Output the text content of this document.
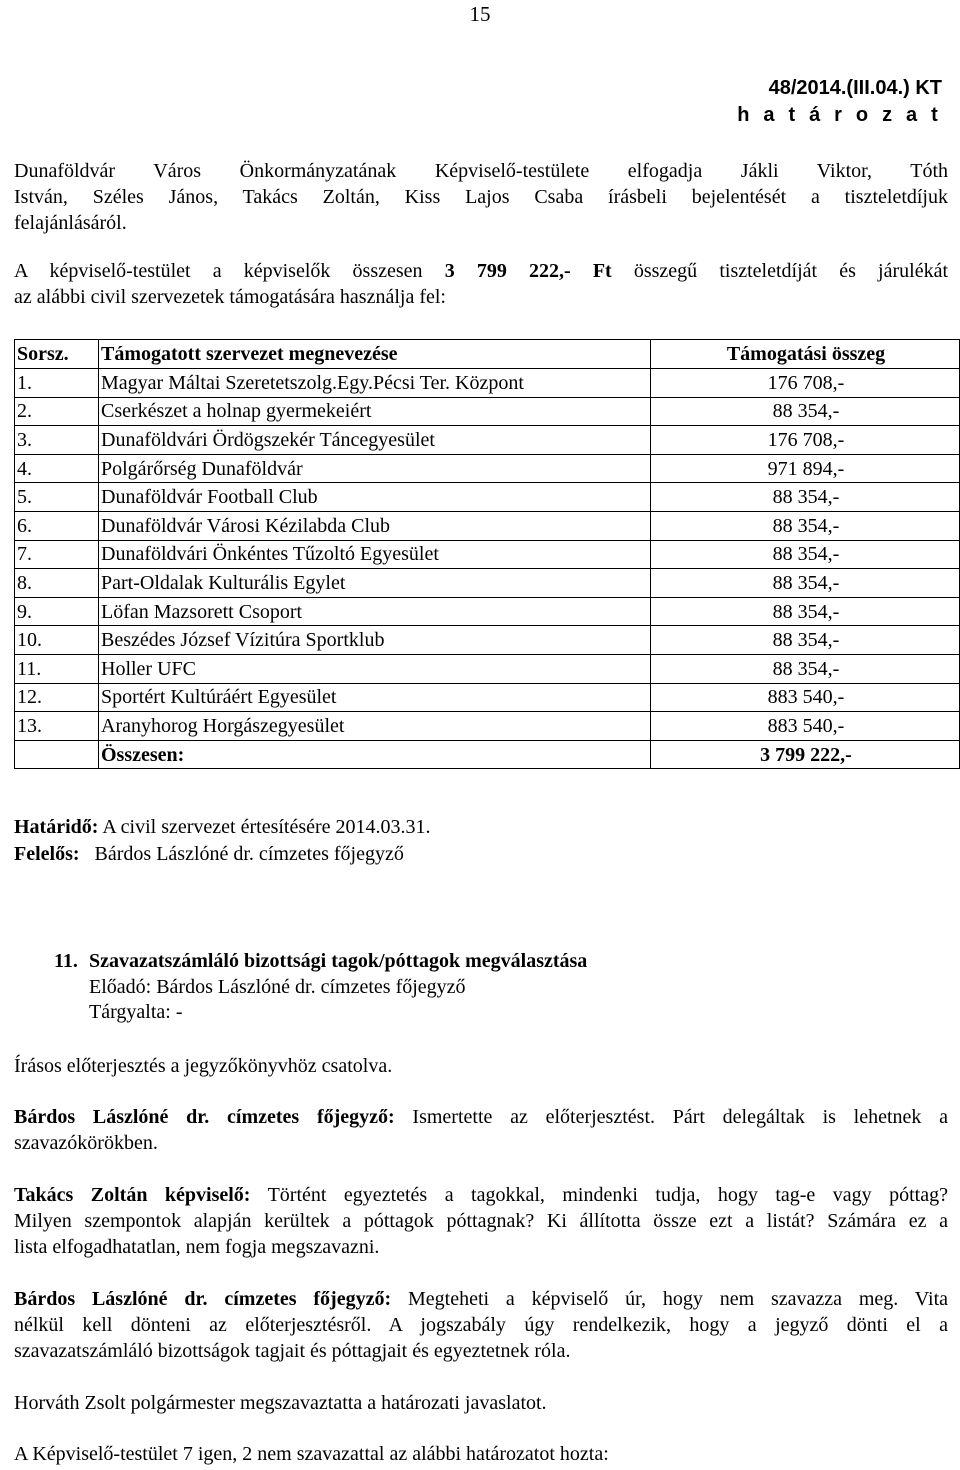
15
48/2014.(III.04.) KT
h a t á r o z a t
Dunaföldvár Város Önkormányzatának Képviselő-testülete elfogadja Jákli Viktor, Tóth
István, Széles János, Takács Zoltán, Kiss Lajos Csaba írásbeli bejelentését a tiszteletdíjuk
felajánlásáról.
A képviselő-testület a képviselők összesen 3 799 222,- Ft összegű tiszteletdíját és járulékát
az alábbi civil szervezetek támogatására használja fel:
Sorsz.	Támogatott szervezet megnevezése	Támogatási összeg
1.	Magyar Máltai Szeretetszolg.Egy.Pécsi Ter. Központ	176 708,-
2.	Cserkészet a holnap gyermekeiért	88 354,-
3.	Dunaföldvári Ördögszekér Táncegyesület	176 708,-
4.	Polgárőrség Dunaföldvár	971 894,-
5.	Dunaföldvár Football Club	88 354,-
6.	Dunaföldvár Városi Kézilabda Club	88 354,-
7.	Dunaföldvári Önkéntes Tűzoltó Egyesület	88 354,-
8.	Part-Oldalak Kulturális Egylet	88 354,-
9.	Löfan Mazsorett Csoport	88 354,-
10.	Beszédes József Vízitúra Sportklub	88 354,-
11.	Holler UFC	88 354,-
12.	Sportért Kultúráért Egyesület	883 540,-
13.	Aranyhorog Horgászegyesület	883 540,-
	Összesen:	3 799 222,-
Határidő: A civil szervezet értesítésére 2014.03.31.
Felelős: Bárdos Lászlóné dr. címzetes főjegyző
11. Szavazatszámláló bizottsági tagok/póttagok megválasztása
Előadó: Bárdos Lászlóné dr. címzetes főjegyző
Tárgyalta: -
Írásos előterjesztés a jegyzőkönyvhöz csatolva.
Bárdos Lászlóné dr. címzetes főjegyző: Ismertette az előterjesztést. Párt delegáltak is lehetnek a
szavazókörökben.
Takács Zoltán képviselő: Történt egyeztetés a tagokkal, mindenki tudja, hogy tag-e vagy póttag?
Milyen szempontok alapján kerültek a póttagok póttagnak? Ki állította össze ezt a listát? Számára ez a
lista elfogadhatatlan, nem fogja megszavazni.
Bárdos Lászlóné dr. címzetes főjegyző: Megteheti a képviselő úr, hogy nem szavazza meg. Vita
nélkül kell dönteni az előterjesztésről. A jogszabály úgy rendelkezik, hogy a jegyző dönti el a
szavazatszámláló bizottságok tagjait és póttagjait és egyeztetnek róla.
Horváth Zsolt polgármester megszavaztatta a határozati javaslatot.
A Képviselő-testület 7 igen, 2 nem szavazattal az alábbi határozatot hozta:
